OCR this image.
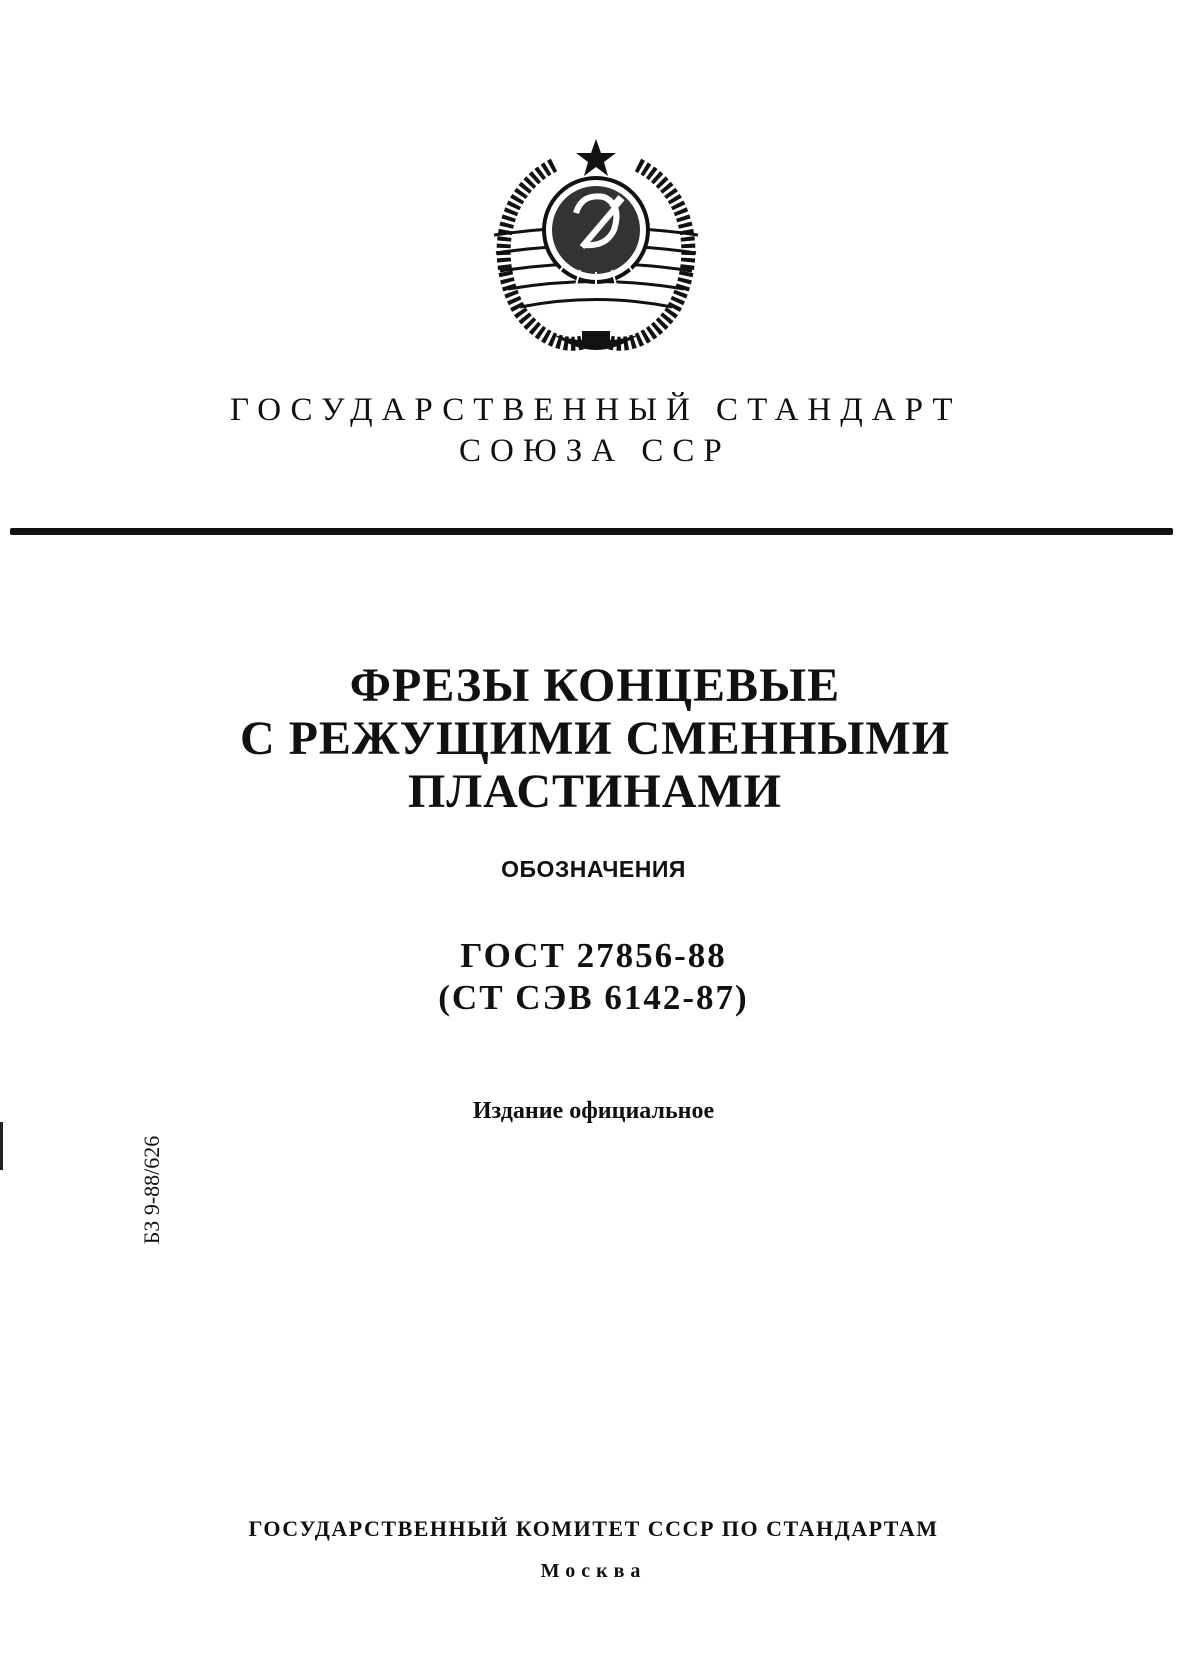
ГОСУДАРСТВЕННЫЙ СТАНДАРТ
СОЮЗА ССР
ФРЕЗЫ КОНЦЕВЫЕ
С РЕЖУЩИМИ СМЕННЫМИ
ПЛАСТИНАМИ
ОБОЗНАЧЕНИЯ
ГОСТ 27856-88
(СТ СЭВ 6142-87)
Издание официальное
БЗ 9-88/626
ГОСУДАРСТВЕННЫЙ КОМИТЕТ СССР ПО СТАНДАРТАМ
Москва
